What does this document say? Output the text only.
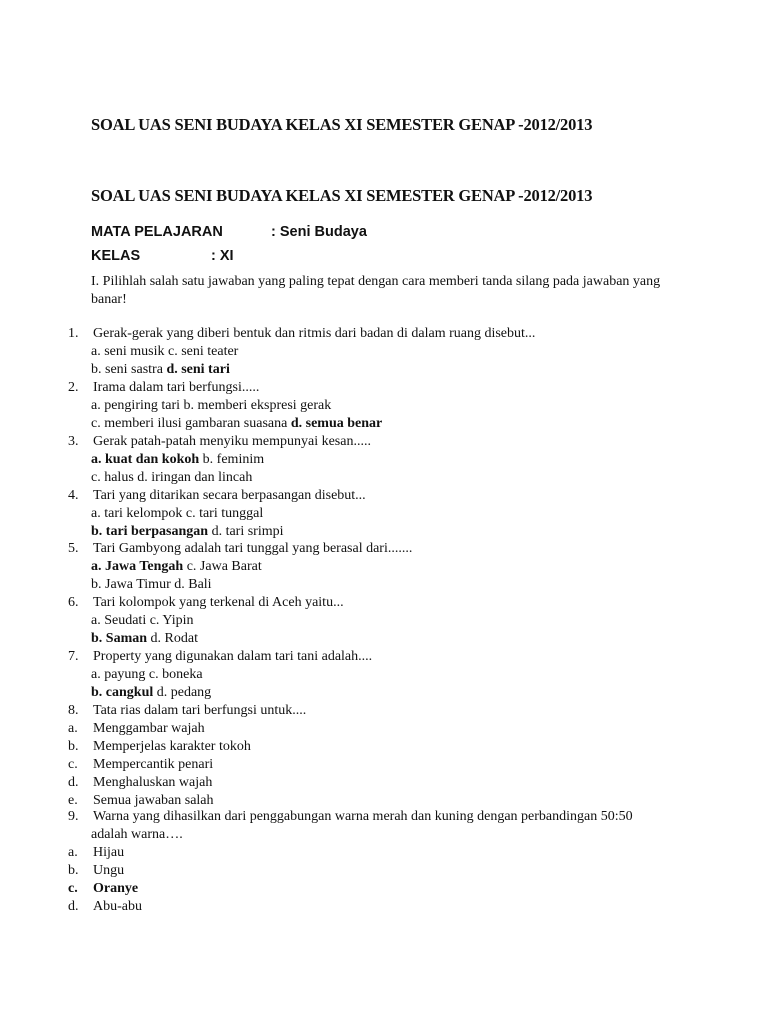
SOAL UAS SENI BUDAYA KELAS XI SEMESTER GENAP -2012/2013
SOAL UAS SENI BUDAYA KELAS XI SEMESTER GENAP -2012/2013
MATA PELAJARAN	: Seni Budaya
KELAS	: XI
I. Pilihlah salah satu jawaban yang paling tepat dengan cara memberi tanda silang pada jawaban yang banar!
1. Gerak-gerak yang diberi bentuk dan ritmis dari badan di dalam ruang disebut...
a. seni musik c. seni teater
b. seni sastra d. seni tari
2. Irama dalam tari berfungsi.....
a. pengiring tari b. memberi ekspresi gerak
c. memberi ilusi gambaran suasana d. semua benar
3. Gerak patah-patah menyiku mempunyai kesan.....
a. kuat dan kokoh b. feminim
c. halus d. iringan dan lincah
4. Tari yang ditarikan secara berpasangan disebut...
a. tari kelompok c. tari tunggal
b. tari berpasangan d. tari srimpi
5. Tari Gambyong adalah tari tunggal yang berasal dari.......
a. Jawa Tengah c. Jawa Barat
b. Jawa Timur d. Bali
6. Tari kolompok yang terkenal di Aceh yaitu...
a. Seudati c. Yipin
b. Saman d. Rodat
7. Property yang digunakan dalam tari tani adalah....
a. payung c. boneka
b. cangkul d. pedang
8. Tata rias dalam tari berfungsi untuk....
a. Menggambar wajah
b. Memperjelas karakter tokoh
c. Mempercantik penari
d. Menghaluskan wajah
e. Semua jawaban salah
9. Warna yang dihasilkan dari penggabungan warna merah dan kuning dengan perbandingan 50:50
adalah warna….
a. Hijau
b. Ungu
c. Oranye
d. Abu-abu
